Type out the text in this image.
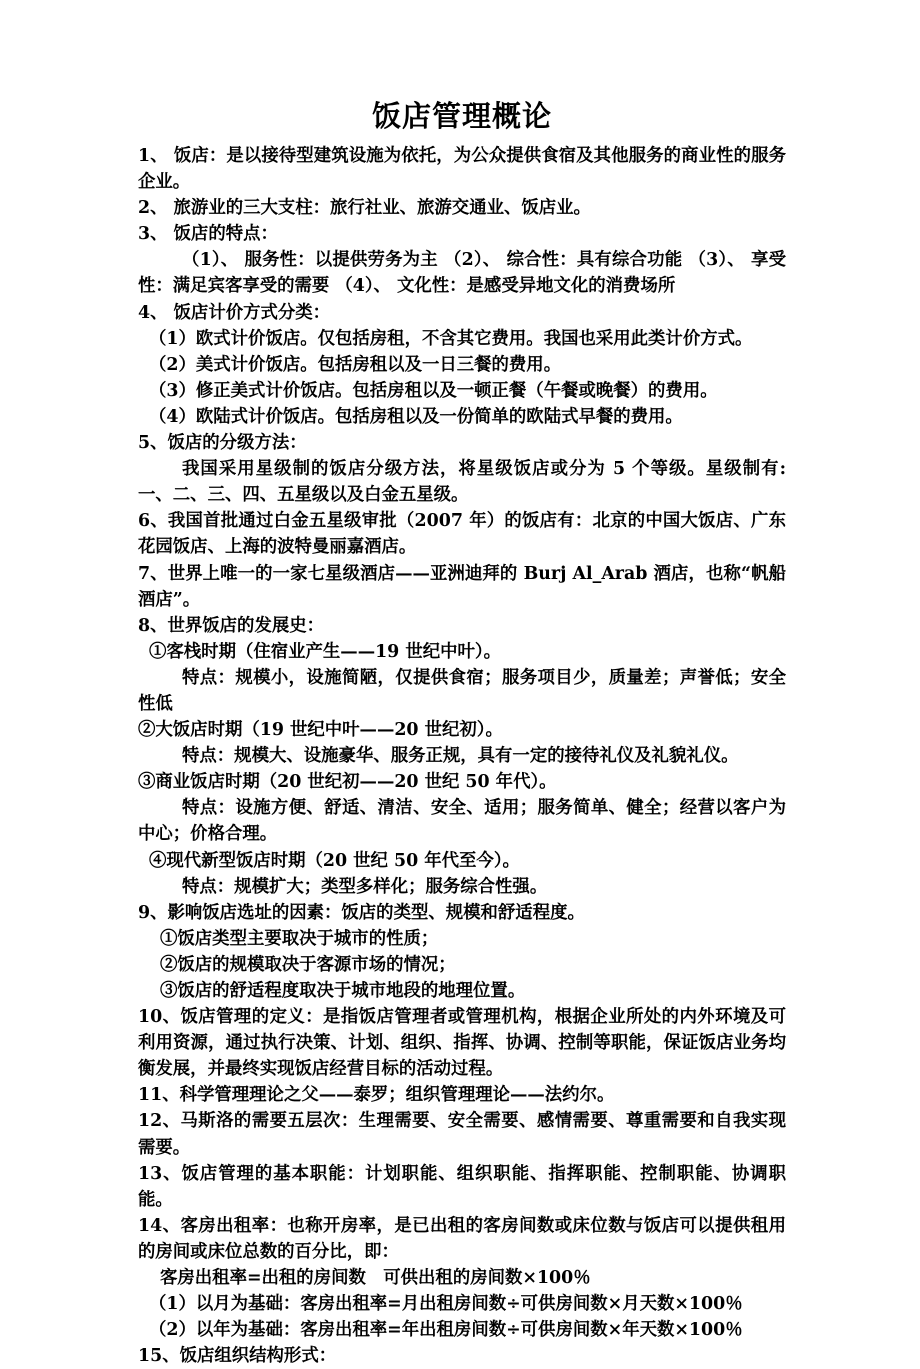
饭店管理概论

1、 饭店：是以接待型建筑设施为依托，为公众提供食宿及其他服务的商业性的服务企业。

2、 旅游业的三大支柱：旅行社业、旅游交通业、饭店业。

3、 饭店的特点：

（1）、 服务性：以提供劳务为主 （2）、 综合性：具有综合功能 （3）、 享受性：满足宾客享受的需要 （4）、 文化性：是感受异地文化的消费场所

4、 饭店计价方式分类：

（1）欧式计价饭店。仅包括房租，不含其它费用。我国也采用此类计价方式。

（2）美式计价饭店。包括房租以及一日三餐的费用。

（3）修正美式计价饭店。包括房租以及一顿正餐（午餐或晚餐）的费用。

（4）欧陆式计价饭店。包括房租以及一份简单的欧陆式早餐的费用。

5、饭店的分级方法：

我国采用星级制的饭店分级方法，将星级饭店或分为 5 个等级。星级制有: 一、二、三、四、五星级以及白金五星级。

6、我国首批通过白金五星级审批（2007 年）的饭店有：北京的中国大饭店、广东花园饭店、上海的波特曼丽嘉酒店。

7、世界上唯一的一家七星级酒店——亚洲迪拜的 Burj Al_Arab 酒店，也称“帆船酒店”。

8、世界饭店的发展史：

①客栈时期（住宿业产生——19 世纪中叶）。

特点：规模小，设施简陋，仅提供食宿；服务项目少，质量差；声誉低；安全性低

②大饭店时期（19 世纪中叶——20 世纪初）。

特点：规模大、设施豪华、服务正规，具有一定的接待礼仪及礼貌礼仪。

③商业饭店时期（20 世纪初——20 世纪 50 年代）。

特点：设施方便、舒适、清洁、安全、适用；服务简单、健全；经营以客户为中心；价格合理。

④现代新型饭店时期（20 世纪 50 年代至今）。

特点：规模扩大；类型多样化；服务综合性强。

9、影响饭店选址的因素：饭店的类型、规模和舒适程度。

①饭店类型主要取决于城市的性质；

②饭店的规模取决于客源市场的情况；

③饭店的舒适程度取决于城市地段的地理位置。

10、饭店管理的定义：是指饭店管理者或管理机构，根据企业所处的内外环境及可利用资源，通过执行决策、计划、组织、指挥、协调、控制等职能，保证饭店业务均衡发展，并最终实现饭店经营目标的活动过程。

11、科学管理理论之父——泰罗；组织管理理论——法约尔。

12、马斯洛的需要五层次：生理需要、安全需要、感情需要、尊重需要和自我实现需要。

13、饭店管理的基本职能：计划职能、组织职能、指挥职能、控制职能、协调职能。

14、客房出租率：也称开房率，是已出租的客房间数或床位数与饭店可以提供租用的房间或床位总数的百分比，即：

客房出租率=出租的房间数　可供出租的房间数×100％

（1）以月为基础：客房出租率=月出租房间数÷可供房间数×月天数×100％

（2）以年为基础：客房出租率=年出租房间数÷可供房间数×年天数×100％

15、饭店组织结构形式：
